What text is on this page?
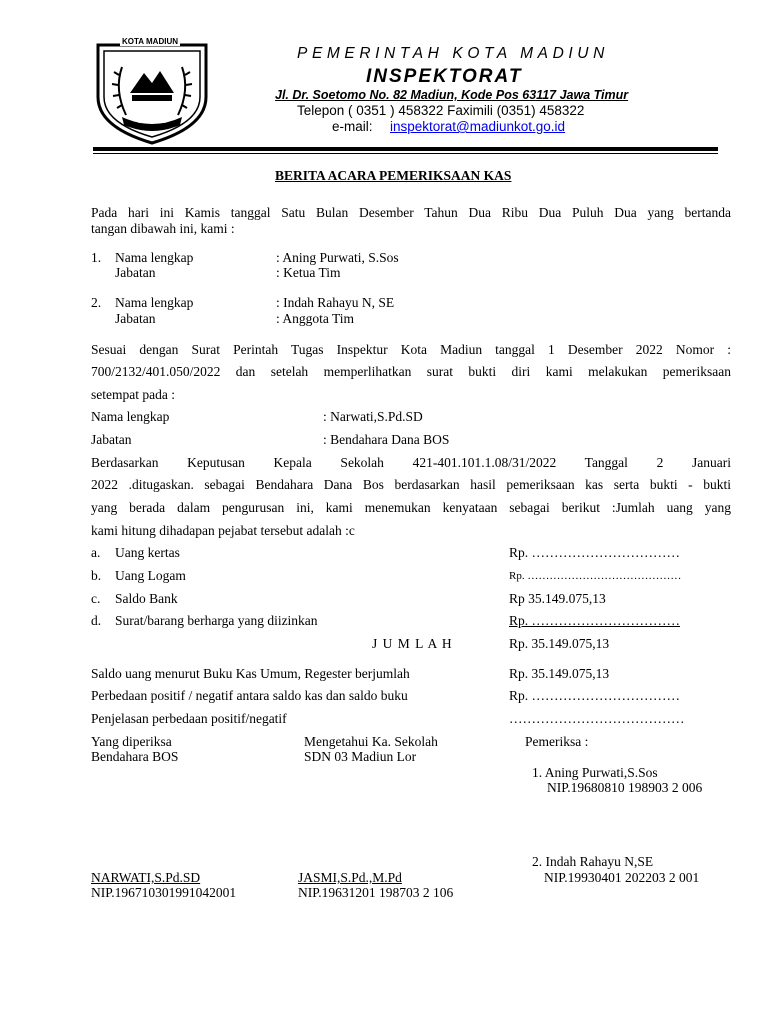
KOTA MADIUN
PEMERINTAH KOTA MADIUN
INSPEKTORAT
Jl. Dr. Soetomo No. 82 Madiun, Kode Pos 63117 Jawa Timur
Telepon ( 0351 ) 458322 Faximili (0351) 458322
e-mail: inspektorat@madiunkot.go.id
BERITA ACARA PEMERIKSAAN KAS
Pada hari ini Kamis tanggal Satu Bulan Desember Tahun Dua Ribu Dua Puluh Dua yang bertanda
tangan dibawah ini, kami :
1. Nama lengkap	: Aning Purwati, S.Sos
Jabatan	: Ketua Tim
2. Nama lengkap	: Indah Rahayu N, SE
Jabatan	: Anggota Tim
Sesuai dengan Surat Perintah Tugas Inspektur Kota Madiun tanggal 1 Desember 2022 Nomor :
700/2132/401.050/2022 dan setelah memperlihatkan surat bukti diri kami melakukan pemeriksaan
setempat pada :
Nama lengkap	: Narwati,S.Pd.SD
Jabatan	: Bendahara Dana BOS
Berdasarkan Keputusan Kepala Sekolah 421-401.101.1.08/31/2022 Tanggal 2 Januari
2022 .ditugaskan. sebagai Bendahara Dana Bos berdasarkan hasil pemeriksaan kas serta bukti - bukti
yang berada dalam pengurusan ini, kami menemukan kenyataan sebagai berikut :Jumlah uang yang
kami hitung dihadapan pejabat tersebut adalah :c
a. Uang kertas	Rp. ……………………………
b. Uang Logam	Rp. ……………………………………
c. Saldo Bank	Rp 35.149.075,13
d. Surat/barang berharga yang diizinkan	Rp. ……………………………
J U M L A H	Rp. 35.149.075,13
Saldo uang menurut Buku Kas Umum, Regester berjumlah	Rp. 35.149.075,13
Perbedaan positif / negatif antara saldo kas dan saldo buku	Rp. ……………………………
Penjelasan perbedaan positif/negatif	…………………………………
Yang diperiksa
Bendahara BOS
Mengetahui Ka. Sekolah
SDN 03 Madiun Lor
Pemeriksa :
1. Aning Purwati,S.Sos
NIP.19680810 198903 2 006
2. Indah Rahayu N,SE
NIP.19930401 202203 2 001
NARWATI,S.Pd.SD
NIP.196710301991042001
JASMI,S.Pd.,M.Pd
NIP.19631201 198703 2 106
